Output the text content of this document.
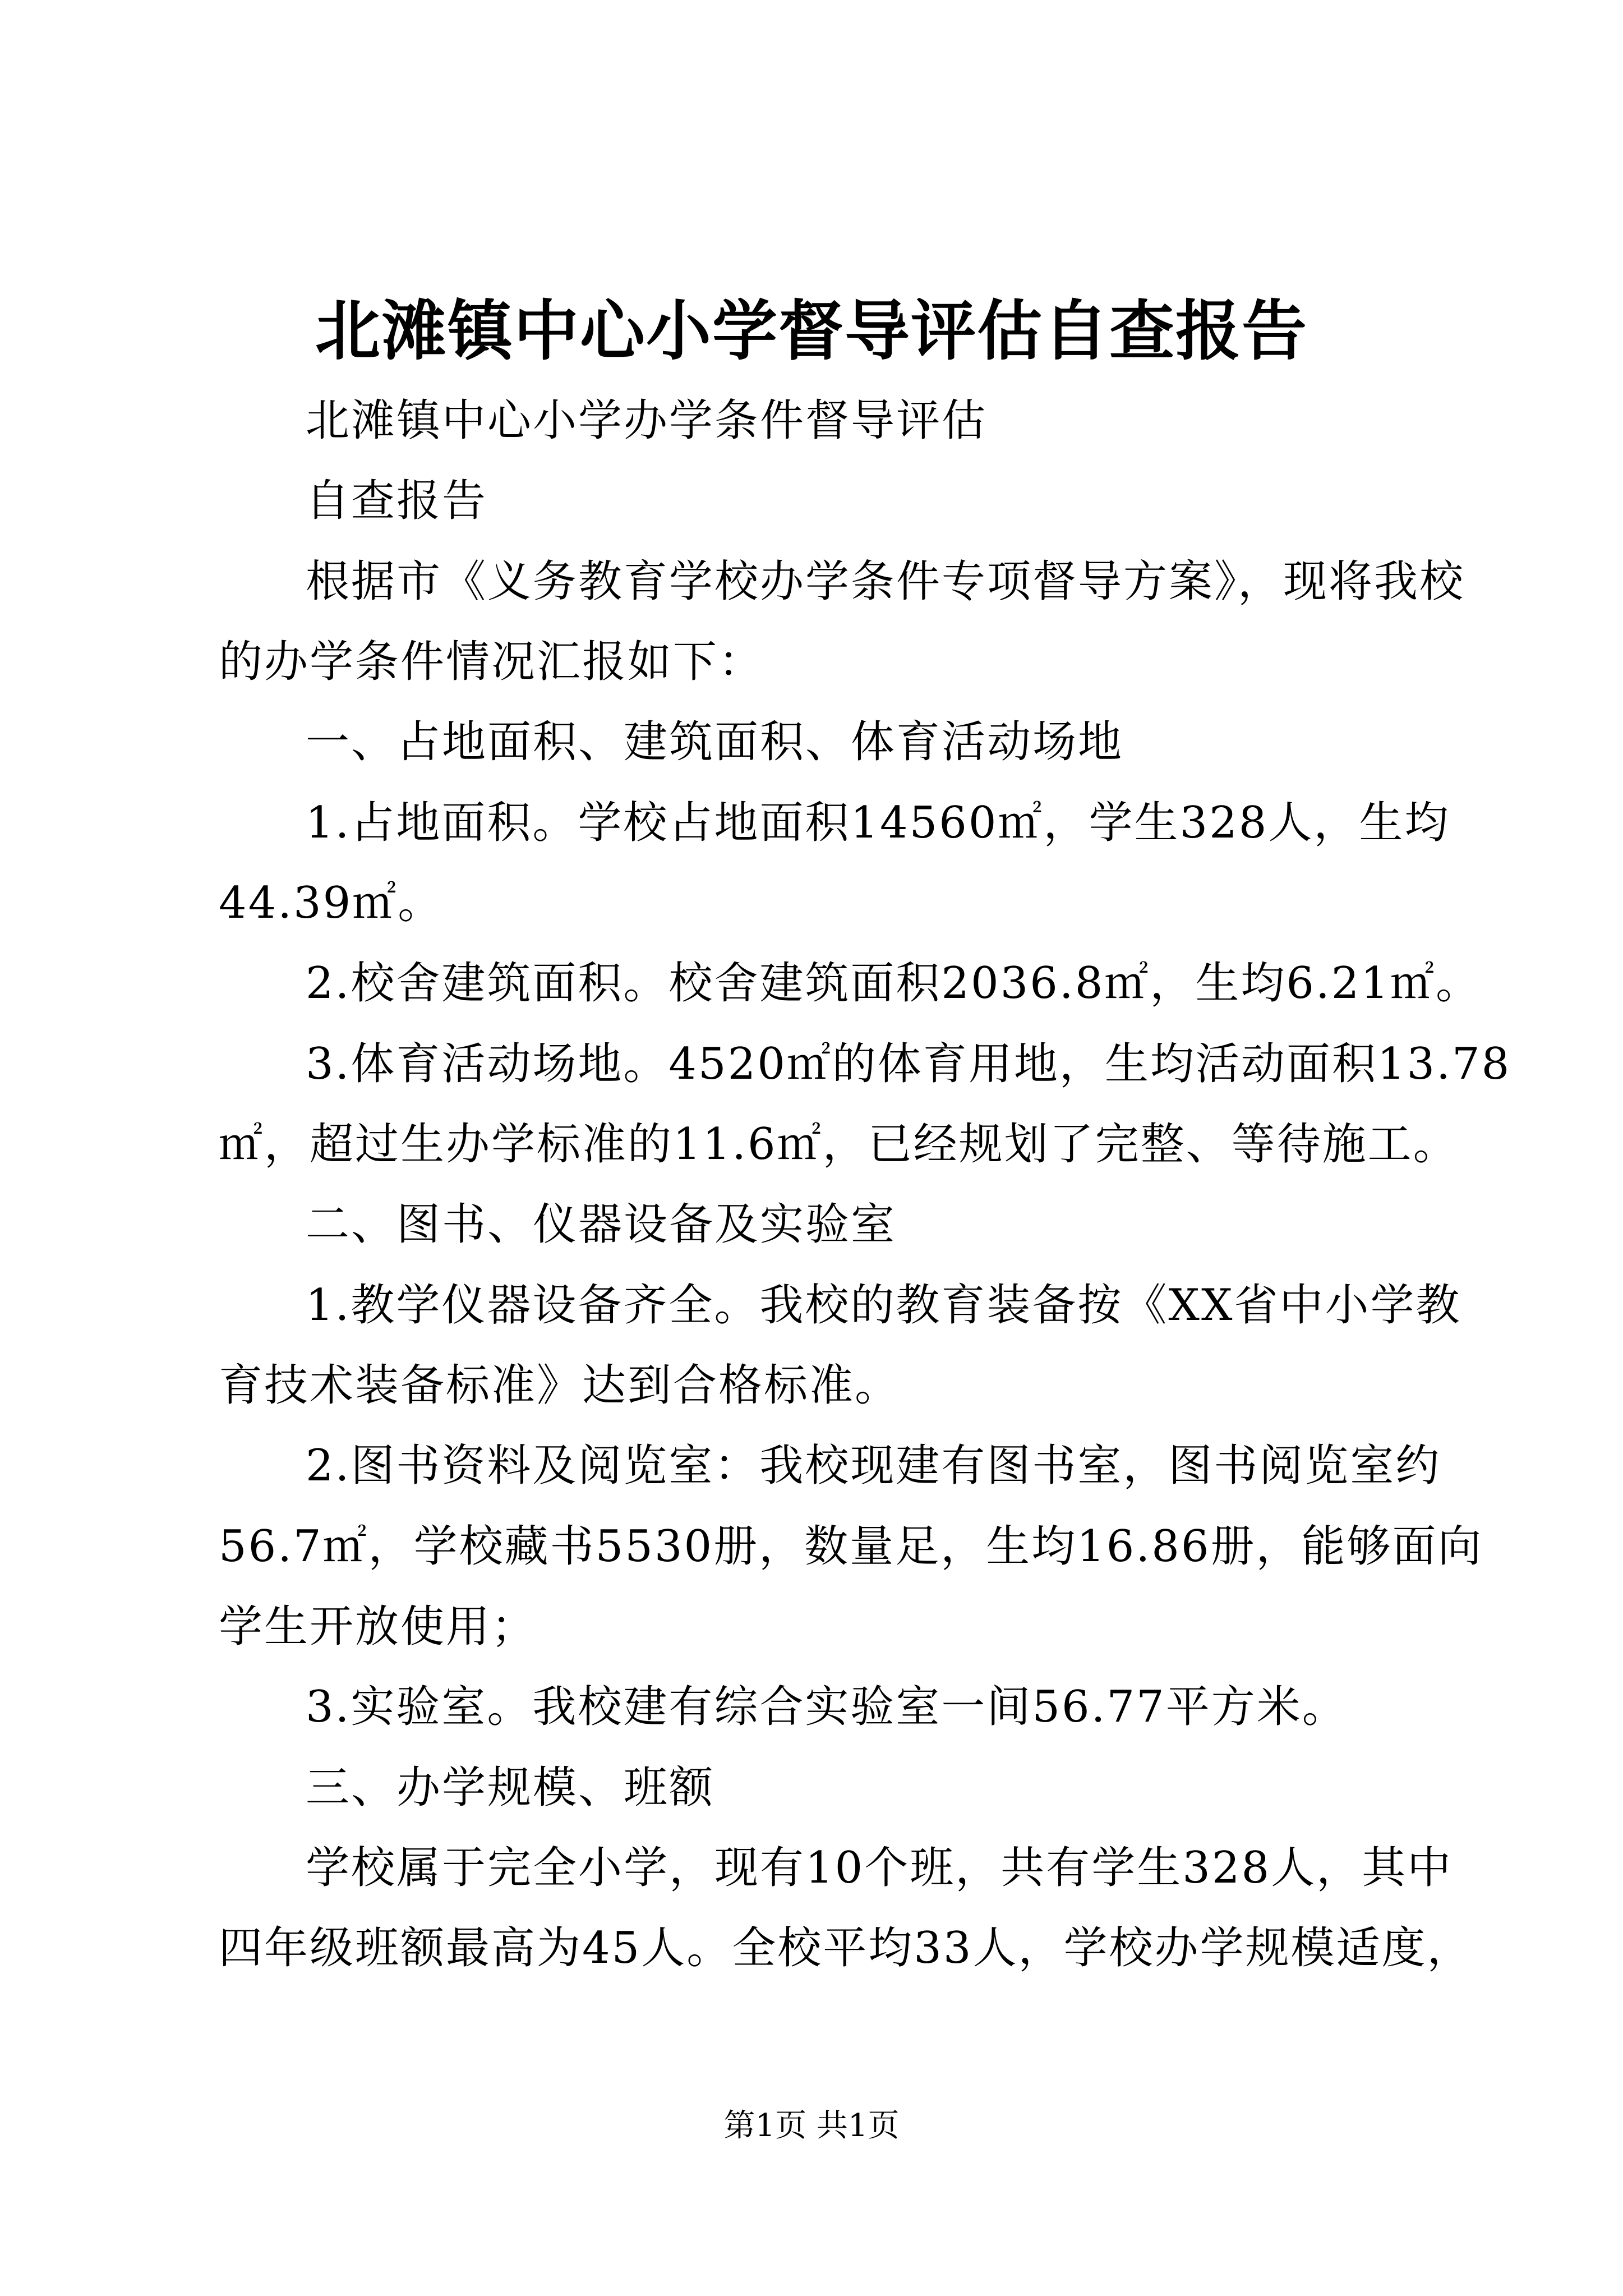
北滩镇中心小学督导评估自查报告

北滩镇中心小学办学条件督导评估

自查报告

根据市《义务教育学校办学条件专项督导方案》，现将我校

的办学条件情况汇报如下：

一、占地面积、建筑面积、体育活动场地

1.占地面积。学校占地面积14560㎡，学生328人，生均

44.39㎡。

2.校舍建筑面积。校舍建筑面积2036.8㎡，生均6.21㎡。

3.体育活动场地。4520㎡的体育用地，生均活动面积13.78

㎡，超过生办学标准的11.6㎡，已经规划了完整、等待施工。

二、图书、仪器设备及实验室

1.教学仪器设备齐全。我校的教育装备按《XX省中小学教

育技术装备标准》达到合格标准。

2.图书资料及阅览室：我校现建有图书室，图书阅览室约

56.7㎡，学校藏书5530册，数量足，生均16.86册，能够面向

学生开放使用；

3.实验室。我校建有综合实验室一间56.77平方米。

三、办学规模、班额

学校属于完全小学，现有10个班，共有学生328人，其中

四年级班额最高为45人。全校平均33人，学校办学规模适度，

第1页 共1页
